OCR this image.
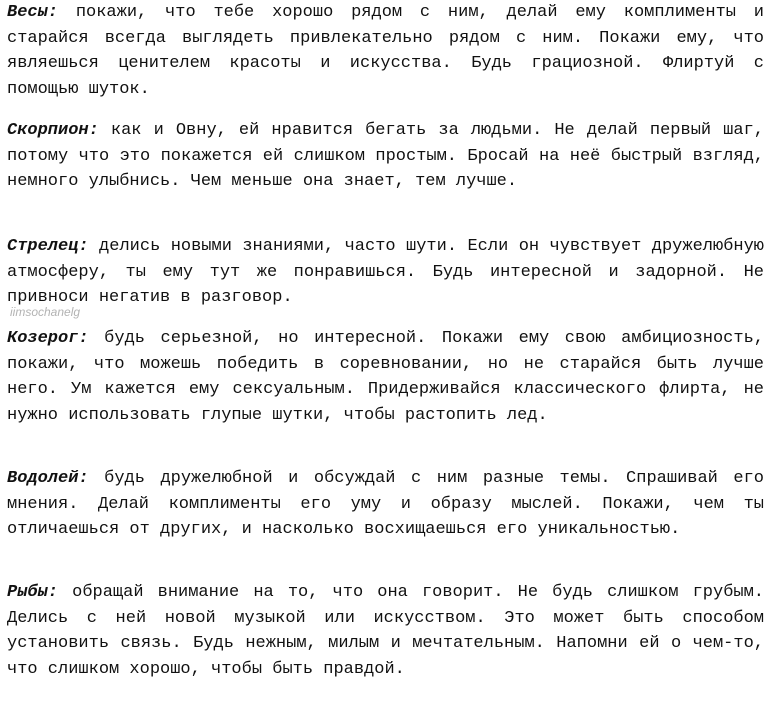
Весы: покажи, что тебе хорошо рядом с ним, делай ему комплименты и старайся всегда выглядеть привлекательно рядом с ним. Покажи ему, что являешься ценителем красоты и искусства. Будь грациозной. Флиртуй с помощью шуток.

Скорпион: как и Овну, ей нравится бегать за людьми. Не делай первый шаг, потому что это покажется ей слишком простым. Бросай на неё быстрый взгляд, немного улыбнись. Чем меньше она знает, тем лучше.

Стрелец: делись новыми знаниями, часто шути. Если он чувствует дружелюбную атмосферу, ты ему тут же понравишься. Будь интересной и задорной. Не привноси негатив в разговор.

iimsochanelg

Козерог: будь серьезной, но интересной. Покажи ему свою амбициозность, покажи, что можешь победить в соревновании, но не старайся быть лучше него. Ум кажется ему сексуальным. Придерживайся классического флирта, не нужно использовать глупые шутки, чтобы растопить лед.

Водолей: будь дружелюбной и обсуждай с ним разные темы. Спрашивай его мнения. Делай комплименты его уму и образу мыслей. Покажи, чем ты отличаешься от других, и насколько восхищаешься его уникальностью.

Рыбы: обращай внимание на то, что она говорит. Не будь слишком грубым. Делись с ней новой музыкой или искусством. Это может быть способом установить связь. Будь нежным, милым и мечтательным. Напомни ей о чем-то, что слишком хорошо, чтобы быть правдой.
